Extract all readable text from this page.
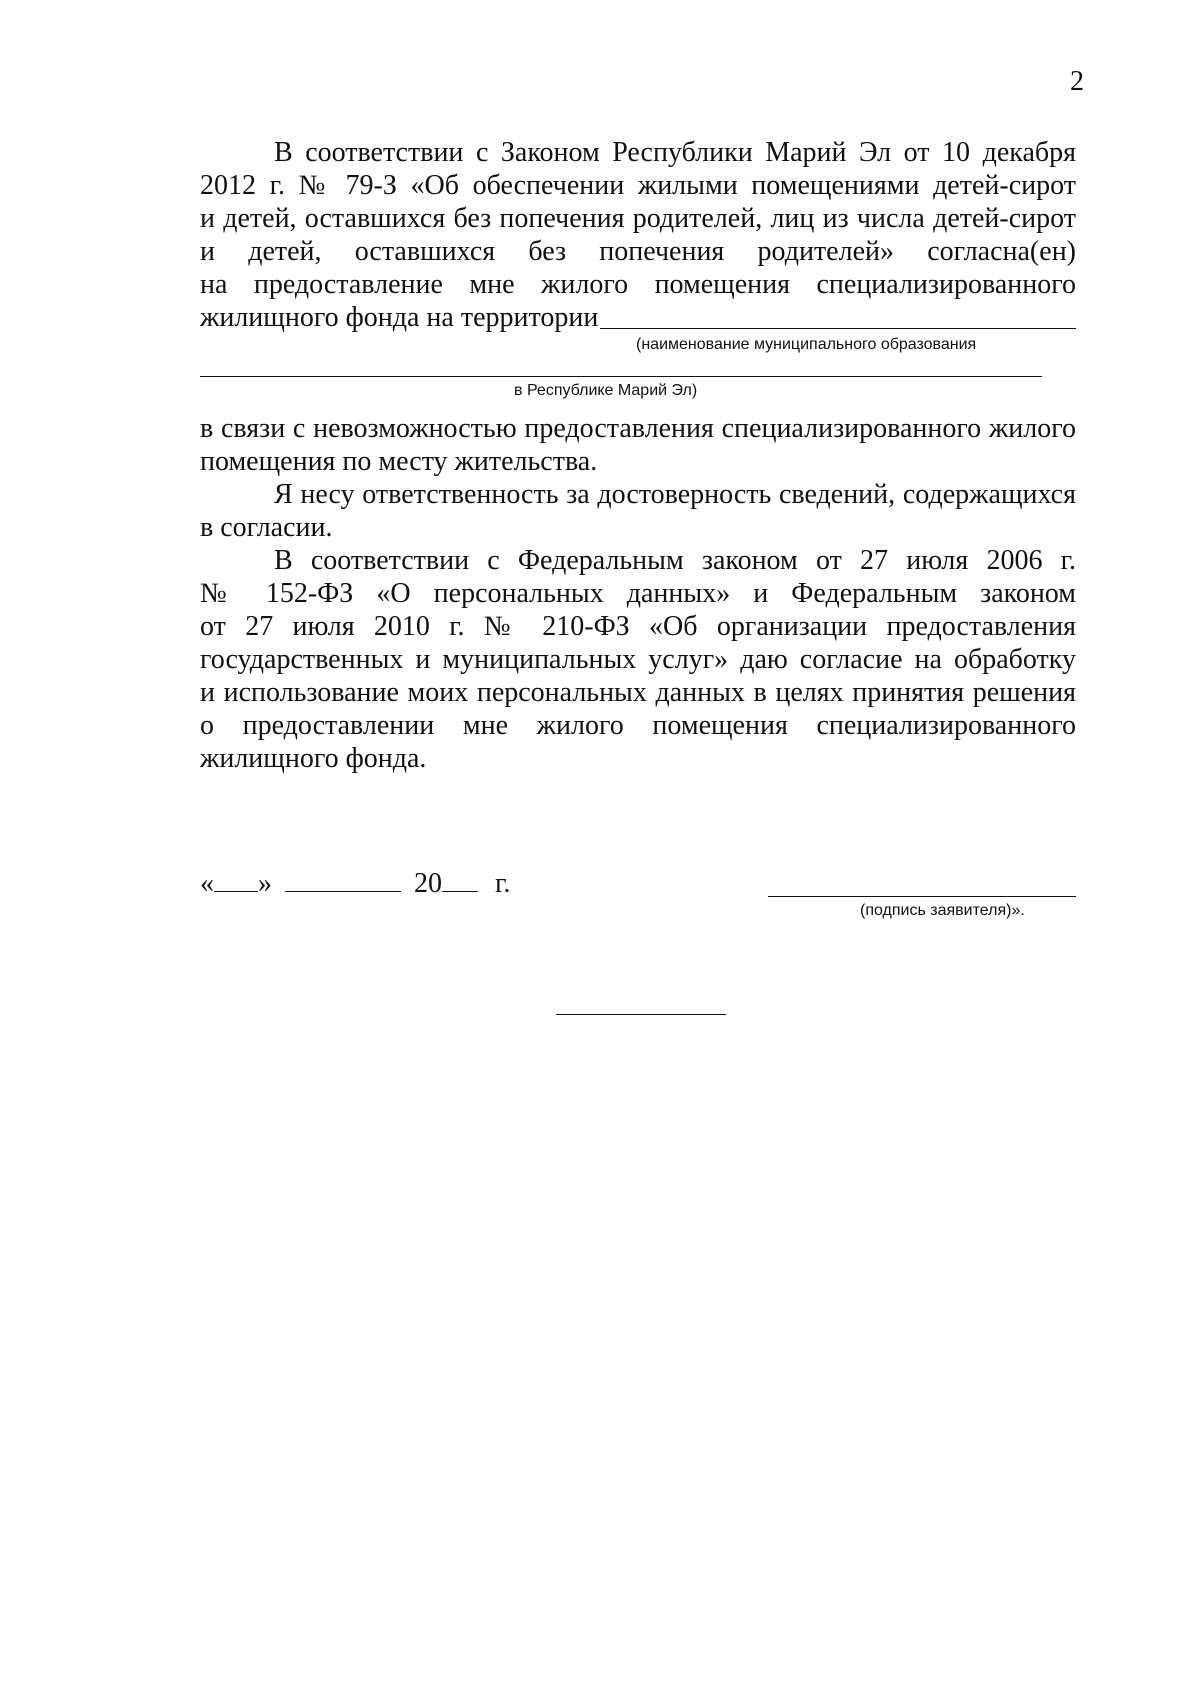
2
В соответствии с Законом Республики Марий Эл от 10 декабря
2012 г. № 79-З «Об обеспечении жилыми помещениями детей-сирот
и детей, оставшихся без попечения родителей, лиц из числа детей-сирот
и детей, оставшихся без попечения родителей» согласна(ен)
на предоставление мне жилого помещения специализированного
жилищного фонда на территории
(наименование муниципального образования
в Республике Марий Эл)
в связи с невозможностью предоставления специализированного жилого
помещения по месту жительства.
Я несу ответственность за достоверность сведений, содержащихся
в согласии.
В соответствии с Федеральным законом от 27 июля 2006 г.
№ 152-ФЗ «О персональных данных» и Федеральным законом
от 27 июля 2010 г. № 210-ФЗ «Об организации предоставления
государственных и муниципальных услуг» даю согласие на обработку
и использование моих персональных данных в целях принятия решения
о предоставлении мне жилого помещения специализированного
жилищного фонда.
« »	20 г.
(подпись заявителя)».
